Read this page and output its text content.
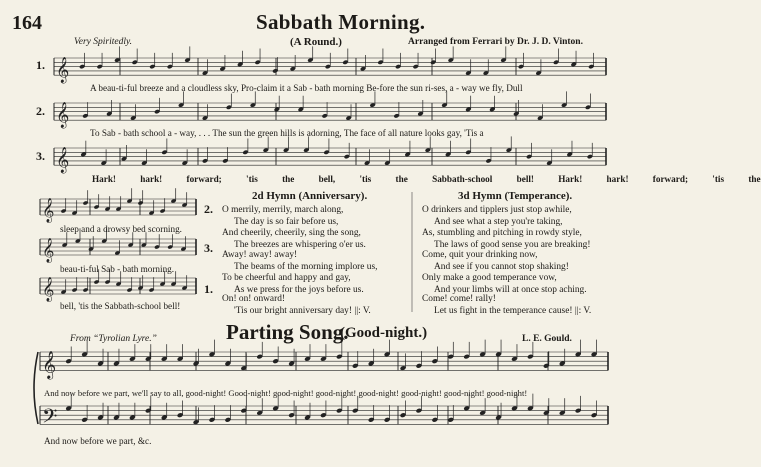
164	Sabbath Morning.
(A Round.)
Very Spiritedly.	Arranged from Ferrari by Dr. J. D. Vinton.
1.
2.
3.
A beau-ti-ful breeze and a cloudless sky, Pro-claim it a Sab - bath morning Be-fore the sun ri-ses, a - way we fly, Dull
To Sab - bath school a - way, . . . The sun the green hills is adorning, The face of all nature looks gay, 'Tis a
Hark! hark! forward; 'tis the bell, 'tis the Sabbath-school bell! Hark! hark! forward; 'tis the
2.
3.
1.
sleep and a drowsy bed scorning.
beau-ti-ful Sab - bath morning.
bell, 'tis the Sabbath-school bell!
2d Hymn (Anniversary).
O merrily, merrily, march along,
The day is so fair before us,
And cheerily, cheerily, sing the song,
The breezes are whispering o'er us.
Away! away! away!
The beams of the morning implore us,
To be cheerful and happy and gay,
As we press for the joys before us.
On! on! onward!
'Tis our bright anniversary day! ||: V.
3d Hymn (Temperance).
O drinkers and tipplers just stop awhile,
And see what a step you're taking,
As, stumbling and pitching in rowdy style,
The laws of good sense you are breaking!
Come, quit your drinking now,
And see if you cannot stop shaking!
Only make a good temperance vow,
And your limbs will at once stop aching.
Come! come! rally!
Let us fight in the temperance cause! ||: V.
Parting Song.
(Good-night.)
From “Tyrolian Lyre.”	L. E. Gould.
And now before we part, we'll say to all, good-night! Good-night! good-night! good-night! good-night! good-night! good-night! good-night!
And now before we part, &c.
𝄞
𝄞
𝄞
𝄞
𝄞
𝄞
𝄞
𝄢
